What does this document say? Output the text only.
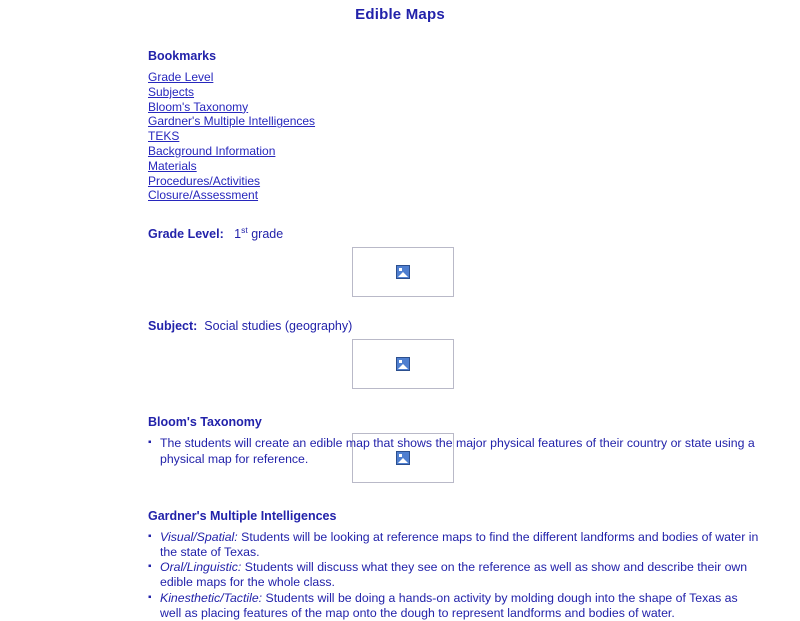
Edible Maps
Bookmarks
Grade Level
Subjects
Bloom's Taxonomy
Gardner's Multiple Intelligences
TEKS
Background Information
Materials
Procedures/Activities
Closure/Assessment
Grade Level: 1st grade
Subject: Social studies (geography)
Bloom's Taxonomy
▪ The students will create an edible map that shows the major physical features of their country or state using a physical map for reference.
Gardner's Multiple Intelligences
▪ Visual/Spatial: Students will be looking at reference maps to find the different landforms and bodies of water in the state of Texas.
▪ Oral/Linguistic: Students will discuss what they see on the reference as well as show and describe their own edible maps for the whole class.
▪ Kinesthetic/Tactile: Students will be doing a hands-on activity by molding dough into the shape of Texas as well as placing features of the map onto the dough to represent landforms and bodies of water.
